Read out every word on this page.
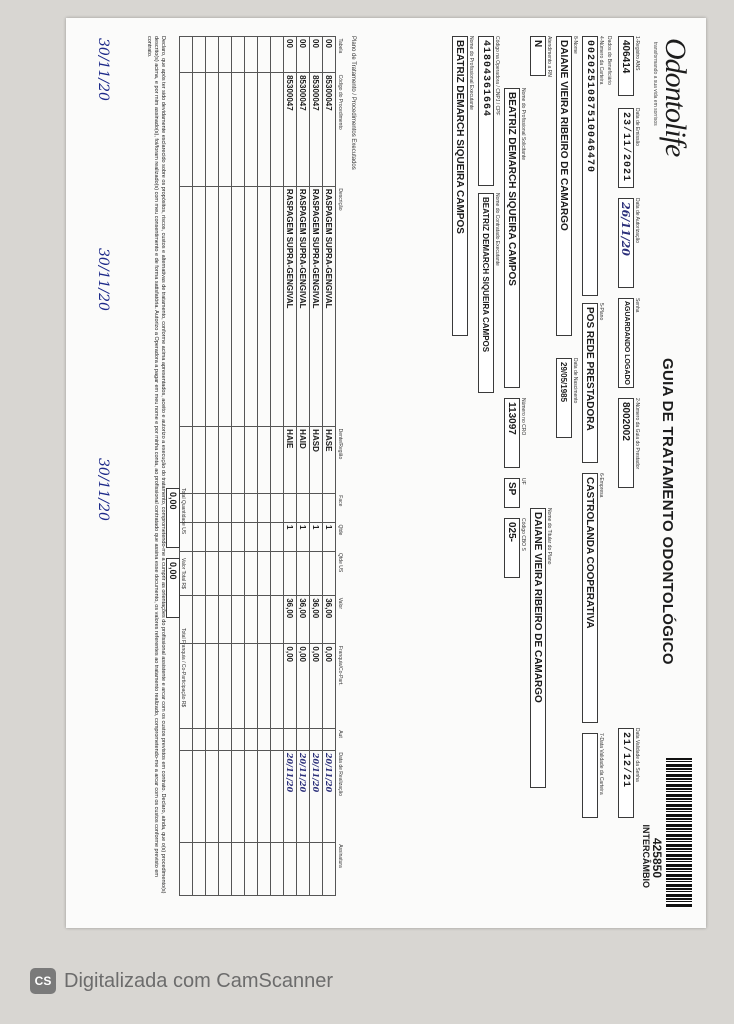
Odontolife
transformando a sua vida em sorrisos
GUIA DE TRATAMENTO ODONTOLÓGICO
425850
INTERCÂMBIO
1-Registro ANS
406414
Data de Emissão
23/11/2021
Data de Autorização
26/11/20
Senha
AGUARDANDO LOGADO
2-Número da Guia do Prestador
8002002
Data Validade da Senha
21/12/21
Dados do Beneficiário
4-Número da Carteira
0020251087510046470
5-Plano
POS REDE PRESTADORA
6-Empresa
CASTROLANDA COOPERATIVA
7-Data Validade da Carteira
8-Nome
DAIANE VIEIRA RIBEIRO DE CAMARGO
Data de Nascimento
29/05/1985
Atendimento a RN
N
Nome do Titular do Plano
DAIANE VIEIRA RIBEIRO DE CAMARGO
Nome do Profissional Solicitante
BEATRIZ DEMARCH SIQUEIRA CAMPOS
Número no CRO
113097
UF
SP
Código CBO S
025-
Código na Operadora / CNPJ / CPF
41804361664
Nome do Contratado Executante
BEATRIZ DEMARCH SIQUEIRA CAMPOS
Nome do Profissional Executante
BEATRIZ DEMARCH SIQUEIRA CAMPOS
Plano de Tratamento / Procedimentos Executados
Tabela	Código do Procedimento	Descrição	Dente/Região	Face	Qtde	Qtde US	Valor	Franquia/Co-Part.	Aut	Data de Realização	Assinatura
00	85300047	RASPAGEM SUPRA-GENGIVAL	HASE		1		36,00	0,00		20/11/20	
00	85300047	RASPAGEM SUPRA-GENGIVAL	HASD		1		36,00	0,00		20/11/20	
00	85300047	RASPAGEM SUPRA-GENGIVAL	HAID		1		36,00	0,00		20/11/20	
00	85300047	RASPAGEM SUPRA-GENGIVAL	HAIE		1		36,00	0,00		20/11/20	

Total Quantidade US
0,00
Valor Total R$
0,00
Total Franquia / Co-Participação R$
Declaro, que após ter sido devidamente esclarecido sobre os propósitos, riscos, custos e alternativas de tratamento, conforme acima apresentados, aceito e autorizo a execução do tratamento, comprometendo-me a cumprir as orientações do profissional assistente e arcar com os custos previstos em contrato. Declaro, ainda, que o(s) procedimento(s) descrito(s) acima, e por mim assinado(s), foi/foram realizado(s) com meu consentimento e de forma satisfatória. Autorizo a Operadora a pagar em meu nome e por minha conta, ao profissional contratado que assina esse documento, os valores referentes ao tratamento realizado, comprometendo-me a arcar com os custos conforme previsto em contrato.
30/11/20
30/11/20
30/11/20
CS Digitalizada com CamScanner
